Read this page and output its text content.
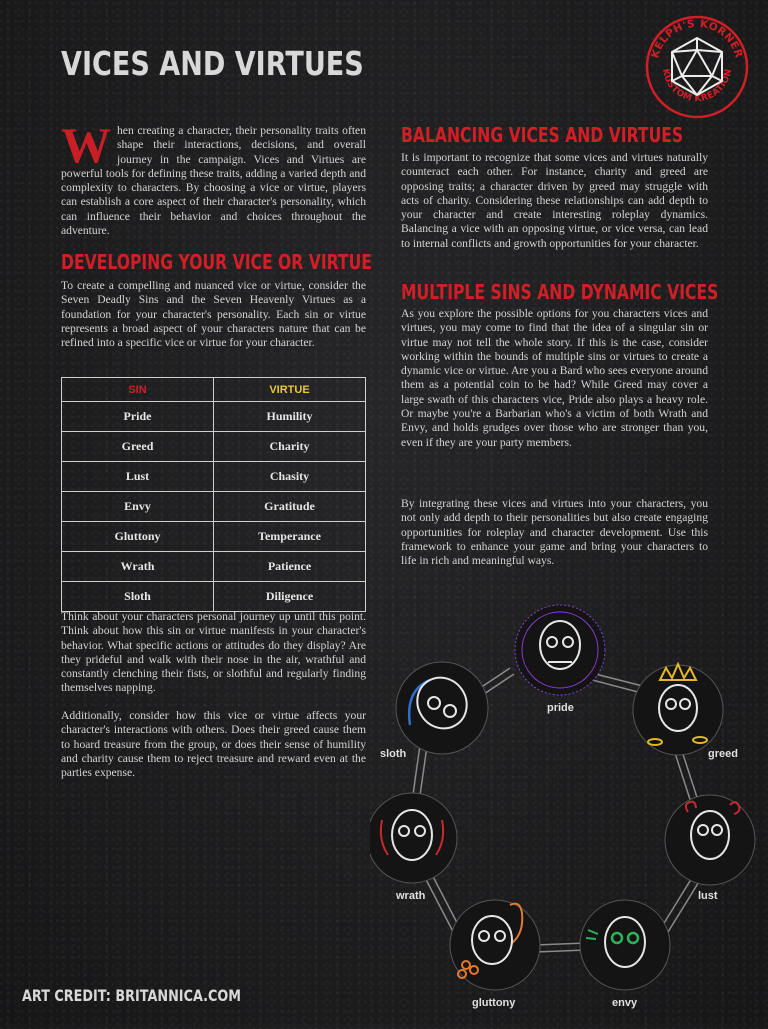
VICES AND VIRTUES	KELPH'S KORNER
KUSTOM KREATION
When creating a character, their personality traits often shape their interactions, decisions, and overall journey in the campaign. Vices and Virtues are powerful tools for defining these traits, adding a varied depth and complexity to characters. By choosing a vice or virtue, players can establish a core aspect of their character's personality, which can influence their behavior and choices throughout the adventure.
DEVELOPING YOUR VICE OR VIRTUE

To create a compelling and nuanced vice or virtue, consider the Seven Deadly Sins and the Seven Heavenly Virtues as a foundation for your character's personality. Each sin or virtue represents a broad aspect of your characters nature that can be refined into a specific vice or virtue for your character.

SIN	VIRTUE
Pride	Humility
Greed	Charity
Lust	Chasity
Envy	Gratitude
Gluttony	Temperance
Wrath	Patience
Sloth	Diligence

Think about your characters personal journey up until this point. Think about how this sin or virtue manifests in your character's behavior. What specific actions or attitudes do they display? Are they prideful and walk with their nose in the air, wrathful and constantly clenching their fists, or slothful and regularly finding themselves napping.

Additionally, consider how this vice or virtue affects your character's interactions with others. Does their greed cause them to hoard treasure from the group, or does their sense of humility and charity cause them to reject treasure and reward even at the parties expense.

BALANCING VICES AND VIRTUES

It is important to recognize that some vices and virtues naturally counteract each other. For instance, charity and greed are opposing traits; a character driven by greed may struggle with acts of charity. Considering these relationships can add depth to your character and create interesting roleplay dynamics. Balancing a vice with an opposing virtue, or vice versa, can lead to internal conflicts and growth opportunities for your character.

MULTIPLE SINS AND DYNAMIC VICES

As you explore the possible options for you characters vices and virtues, you may come to find that the idea of a singular sin or virtue may not tell the whole story. If this is the case, consider working within the bounds of multiple sins or virtues to create a dynamic vice or virtue. Are you a Bard who sees everyone around them as a potential coin to be had? While Greed may cover a large swath of this characters vice, Pride also plays a heavy role. Or maybe you're a Barbarian who's a victim of both Wrath and Envy, and holds grudges over those who are stronger than you, even if they are your party members.

By integrating these vices and virtues into your characters, you not only add depth to their personalities but also create engaging opportunities for roleplay and character development. Use this framework to enhance your game and bring your characters to life in rich and meaningful ways.

pride
greed
sloth
wrath	lust
gluttony	envy

ART CREDIT: BRITANNICA.COM
